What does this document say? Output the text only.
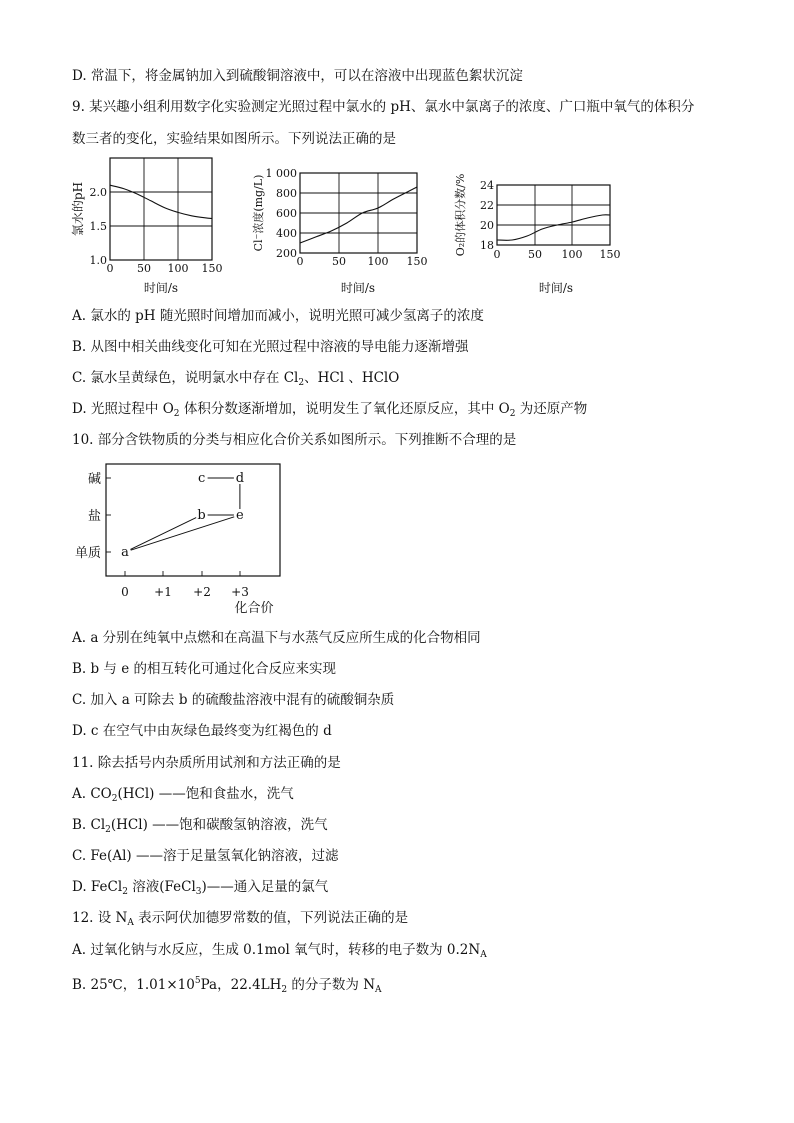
D. 常温下，将金属钠加入到硫酸铜溶液中，可以在溶液中出现蓝色絮状沉淀
9. 某兴趣小组利用数字化实验测定光照过程中氯水的 pH、氯水中氯离子的浓度、广口瓶中氧气的体积分
数三者的变化，实验结果如图所示。下列说法正确的是
1.0
1.5
2.0
0 50 100 150
时间/s
氯水的pH
200
400
600
800
1 000
0	50 100 150
时间/s
Cl⁻浓度(mg/L)	18
20
22
24
0	50 100 150
时间/s
O₂的体积分数/%
A. 氯水的 pH 随光照时间增加而减小，说明光照可减少氢离子的浓度
B. 从图中相关曲线变化可知在光照过程中溶液的导电能力逐渐增强
C. 氯水呈黄绿色，说明氯水中存在 $Cl_2$、HCl 、HClO
D. 光照过程中 $O_2$ 体积分数逐渐增加，说明发生了氧化还原反应，其中 $O_2$ 为还原产物
10. 部分含铁物质的分类与相应化合价关系如图所示。下列推断不合理的是
碱
盐
单质
0 +1 +2 +3
化合价
a
b
c d
e
A. a 分别在纯氧中点燃和在高温下与水蒸气反应所生成的化合物相同
B. b 与 e 的相互转化可通过化合反应来实现
C. 加入 a 可除去 b 的硫酸盐溶液中混有的硫酸铜杂质
D. c 在空气中由灰绿色最终变为红褐色的 d
11. 除去括号内杂质所用试剂和方法正确的是
A. $CO_2(HCl)$ ——饱和食盐水，洗气
B. $Cl_2(HCl)$ ——饱和碳酸氢钠溶液，洗气
C. Fe(Al) ——溶于足量氢氧化钠溶液，过滤
D. FeCl$_2$ 溶液(FeCl$_3$)——通入足量的氯气
12. 设 $N_A$ 表示阿伏加德罗常数的值，下列说法正确的是
A. 过氧化钠与水反应，生成 0.1mol 氧气时，转移的电子数为 $0.2N_A$
B. 25℃，$1.01\times 10^5Pa$，$22.4LH_2$ 的分子数为 $N_A$
